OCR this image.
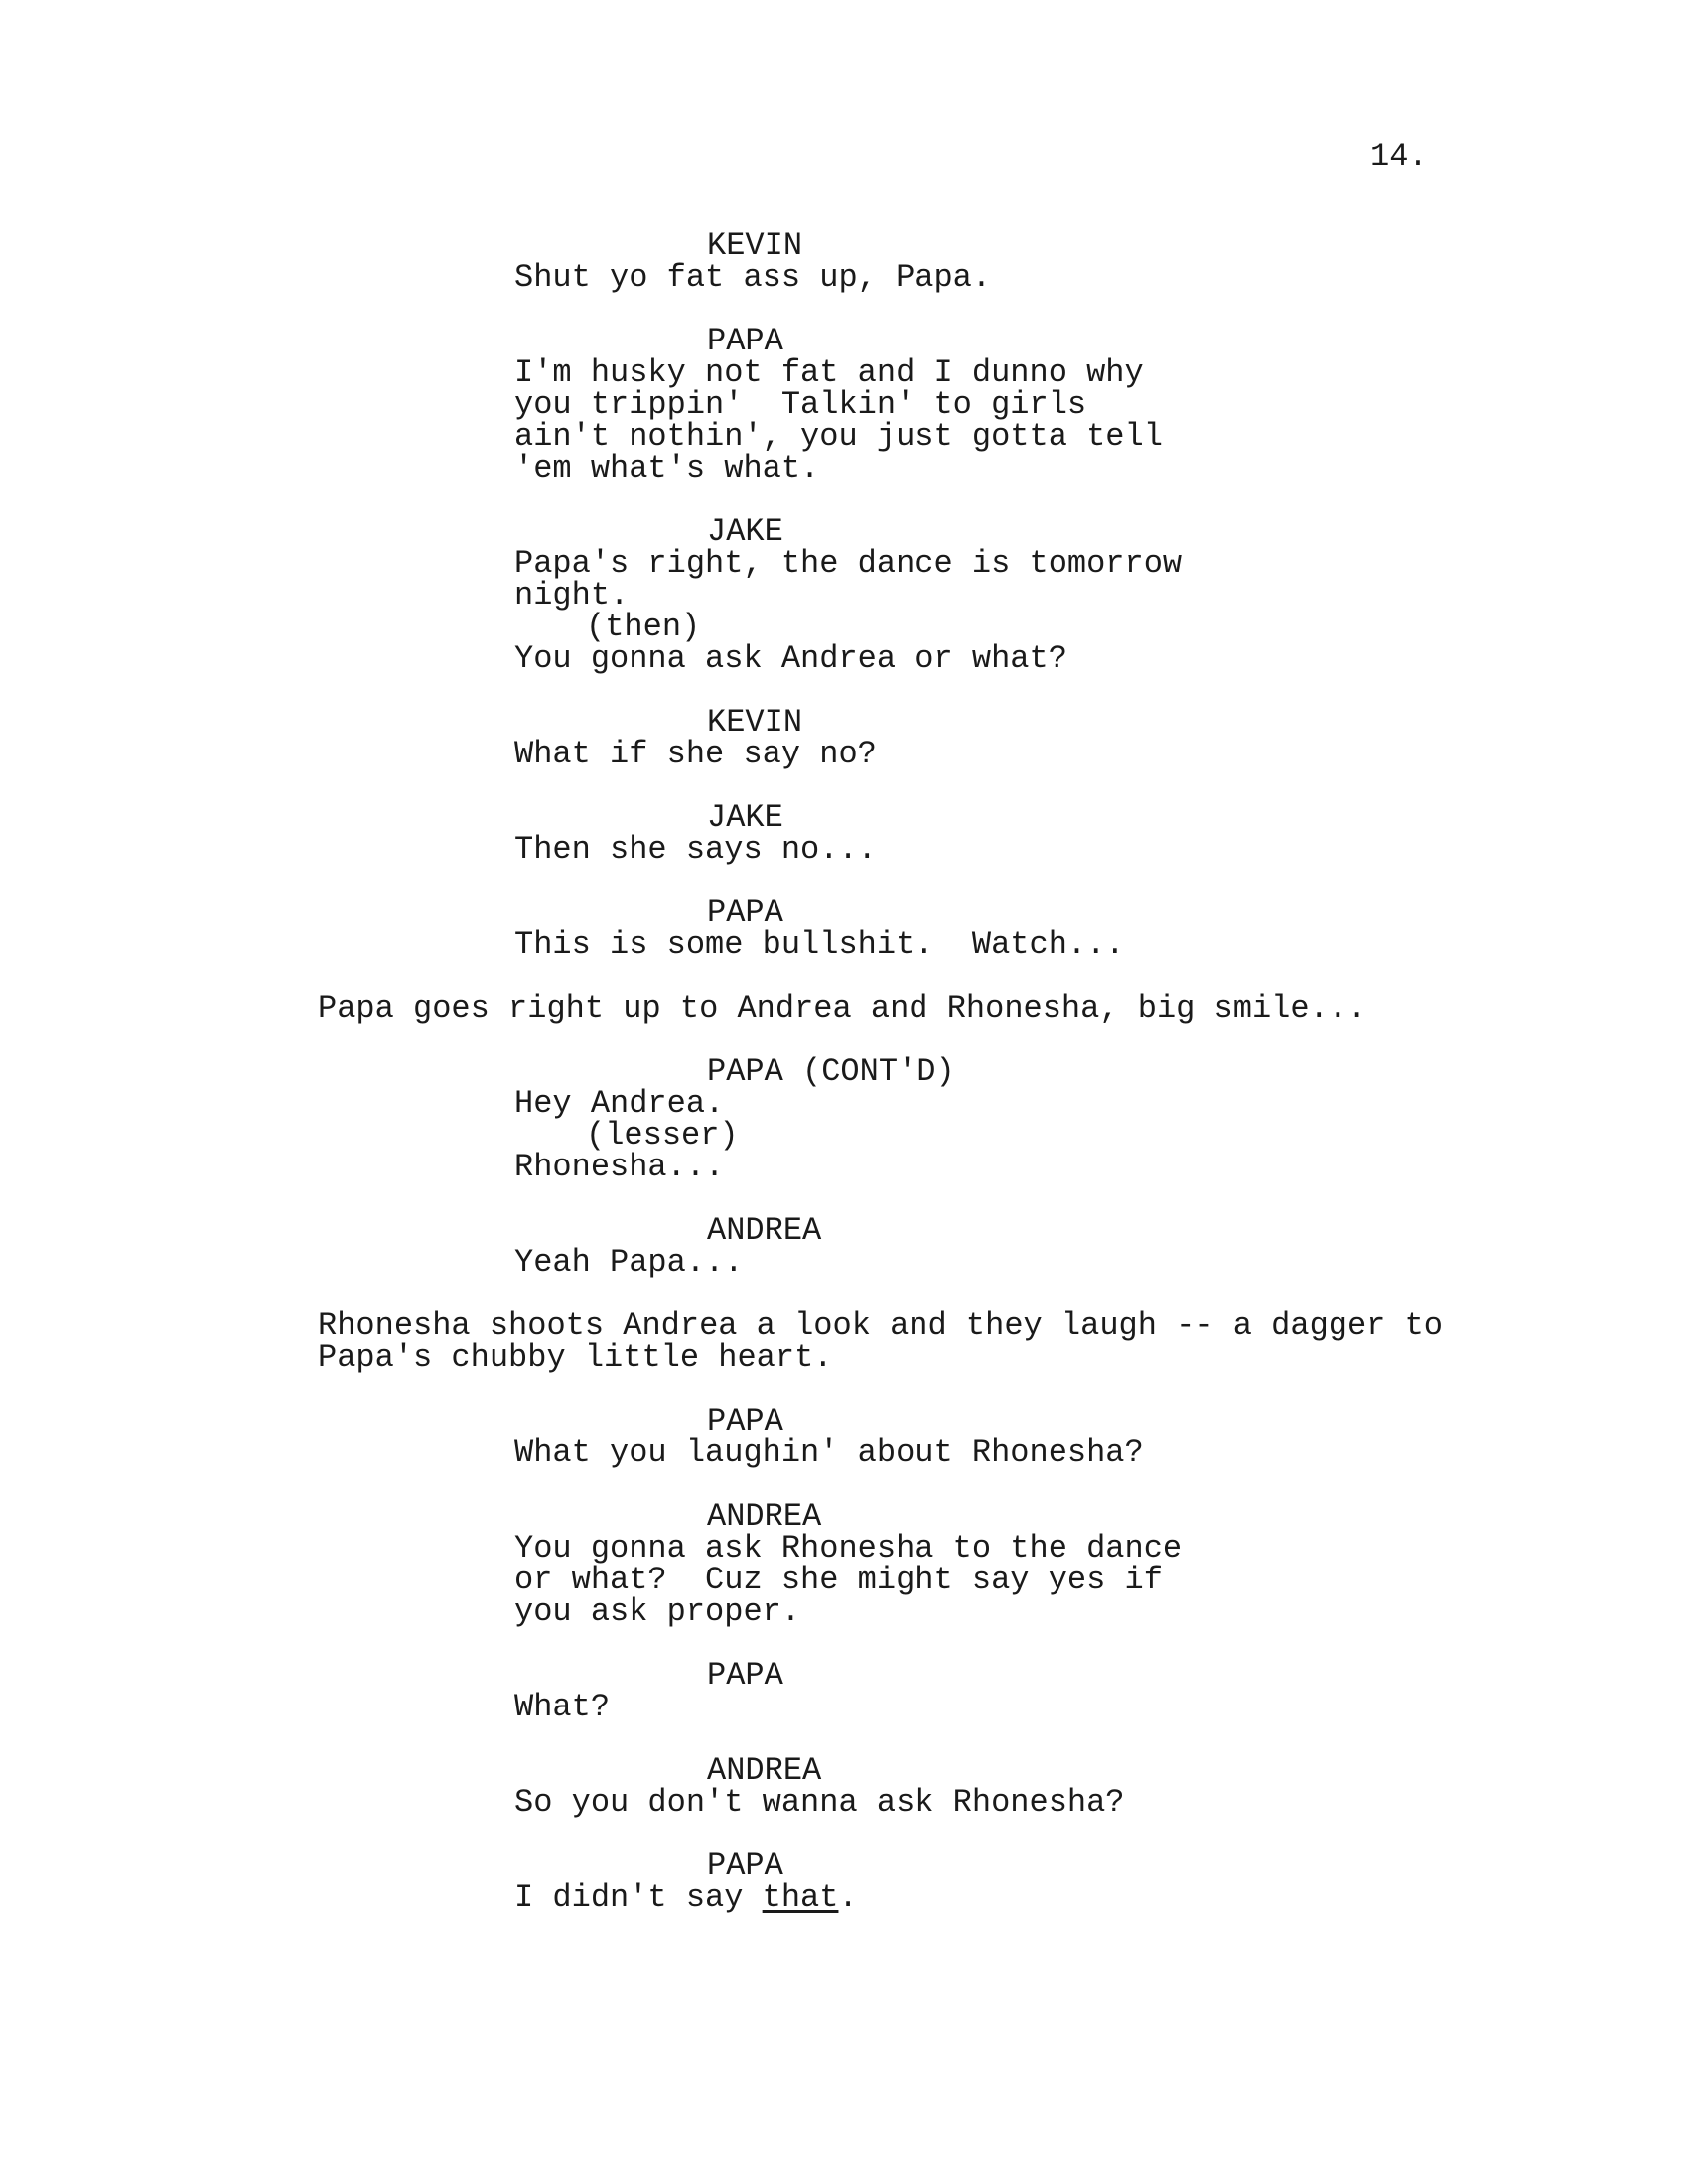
14.
KEVIN
Shut yo fat ass up, Papa.
PAPA
I'm husky not fat and I dunno why
you trippin'  Talkin' to girls
ain't nothin', you just gotta tell
'em what's what.
JAKE
Papa's right, the dance is tomorrow
night.
(then)
You gonna ask Andrea or what?
KEVIN
What if she say no?
JAKE
Then she says no...
PAPA
This is some bullshit.  Watch...
Papa goes right up to Andrea and Rhonesha, big smile...
PAPA (CONT'D)
Hey Andrea.
(lesser)
Rhonesha...
ANDREA
Yeah Papa...
Rhonesha shoots Andrea a look and they laugh -- a dagger to
Papa's chubby little heart.
PAPA
What you laughin' about Rhonesha?
ANDREA
You gonna ask Rhonesha to the dance
or what?  Cuz she might say yes if
you ask proper.
PAPA
What?
ANDREA
So you don't wanna ask Rhonesha?
PAPA
I didn't say that.
